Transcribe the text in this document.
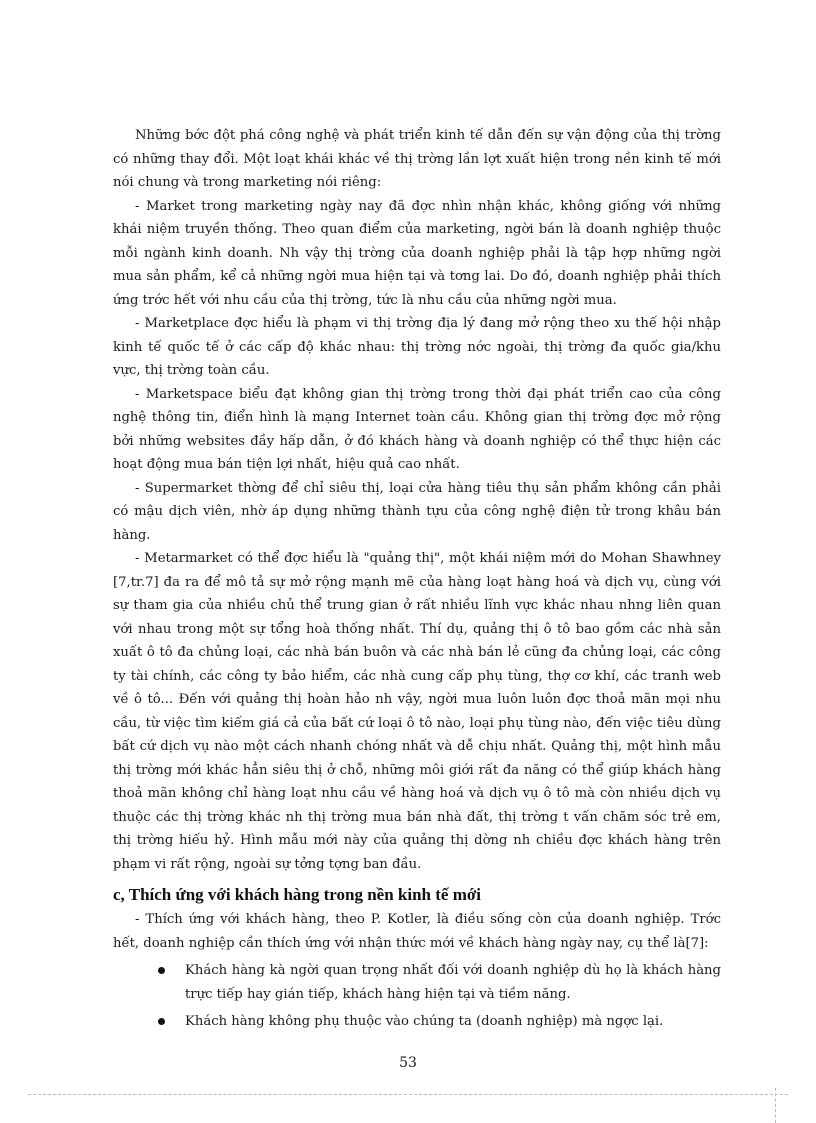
Những bớc đột phá công nghệ và phát triển kinh tế dẫn đến sự vận động của thị trờng có những thay đổi. Một loạt khái khác về thị trờng lần lợt xuất hiện trong nền kinh tế mới nói chung và trong marketing nói riêng:

- Market trong marketing ngày nay đã đợc nhìn nhận khác, không giống với những khái niệm truyền thống. Theo quan điểm của marketing, ngời bán là doanh nghiệp thuộc mỗi ngành kinh doanh. Nh vậy thị trờng của doanh nghiệp phải là tập hợp những ngời mua sản phẩm, kể cả những ngời mua hiện tại và tơng lai. Do đó, doanh nghiệp phải thích ứng trớc hết với nhu cầu của thị trờng, tức là nhu cầu của những ngời mua.

- Marketplace đợc hiểu là phạm vi thị trờng địa lý đang mở rộng theo xu thế hội nhập kinh tế quốc tế ở các cấp độ khác nhau: thị trờng nớc ngoài, thị trờng đa quốc gia/khu vực, thị trờng toàn cầu.

- Marketspace biểu đạt không gian thị trờng trong thời đại phát triển cao của công nghệ thông tin, điển hình là mạng Internet toàn cầu. Không gian thị trờng đợc mở rộng bởi những websites đầy hấp dẫn, ở đó khách hàng và doanh nghiệp có thể thực hiện các hoạt động mua bán tiện lợi nhất, hiệu quả cao nhất.

- Supermarket thờng để chỉ siêu thị, loại cửa hàng tiêu thụ sản phẩm không cần phải có mậu dịch viên, nhờ áp dụng những thành tựu của công nghệ điện tử trong khâu bán hàng.

- Metarmarket có thể đợc hiểu là "quảng thị", một khái niệm mới do Mohan Shawhney [7,tr.7] đa ra để mô tả sự mở rộng mạnh mẽ của hàng loạt hàng hoá và dịch vụ, cùng với sự tham gia của nhiều chủ thể trung gian ở rất nhiều lĩnh vực khác nhau nhng liên quan với nhau trong một sự tổng hoà thống nhất. Thí dụ, quảng thị ô tô bao gồm các nhà sản xuất ô tô đa chủng loại, các nhà bán buôn và các nhà bán lẻ cũng đa chủng loại, các công ty tài chính, các công ty bảo hiểm, các nhà cung cấp phụ tùng, thợ cơ khí, các tranh web về ô tô... Đến với quảng thị hoàn hảo nh vậy, ngời mua luôn luôn đợc thoả mãn mọi nhu cầu, từ việc tìm kiếm giá cả của bất cứ loại ô tô nào, loại phụ tùng nào, đến việc tiêu dùng bất cứ dịch vụ nào một cách nhanh chóng nhất và dễ chịu nhất. Quảng thị, một hình mẫu thị trờng mới khác hẳn siêu thị ở chỗ, những môi giới rất đa năng có thể giúp khách hàng thoả mãn không chỉ hàng loạt nhu cầu về hàng hoá và dịch vụ ô tô mà còn nhiều dịch vụ thuộc các thị trờng khác nh thị trờng mua bán nhà đất, thị trờng t vấn chăm sóc trẻ em, thị trờng hiếu hỷ. Hình mẫu mới này của quảng thị dờng nh chiều đợc khách hàng trên phạm vi rất rộng, ngoài sự tởng tợng ban đầu.

c, Thích ứng với khách hàng trong nền kinh tế mới

- Thích ứng với khách hàng, theo P. Kotler, là điều sống còn của doanh nghiệp. Trớc hết, doanh nghiệp cần thích ứng với nhận thức mới về khách hàng ngày nay, cụ thể là[7]:

Khách hàng kà ngời quan trọng nhất đối với doanh nghiệp dù họ là khách hàng trực tiếp hay gián tiếp, khách hàng hiện tại và tiềm năng.
Khách hàng không phụ thuộc vào chúng ta (doanh nghiệp) mà ngợc lại.
53
